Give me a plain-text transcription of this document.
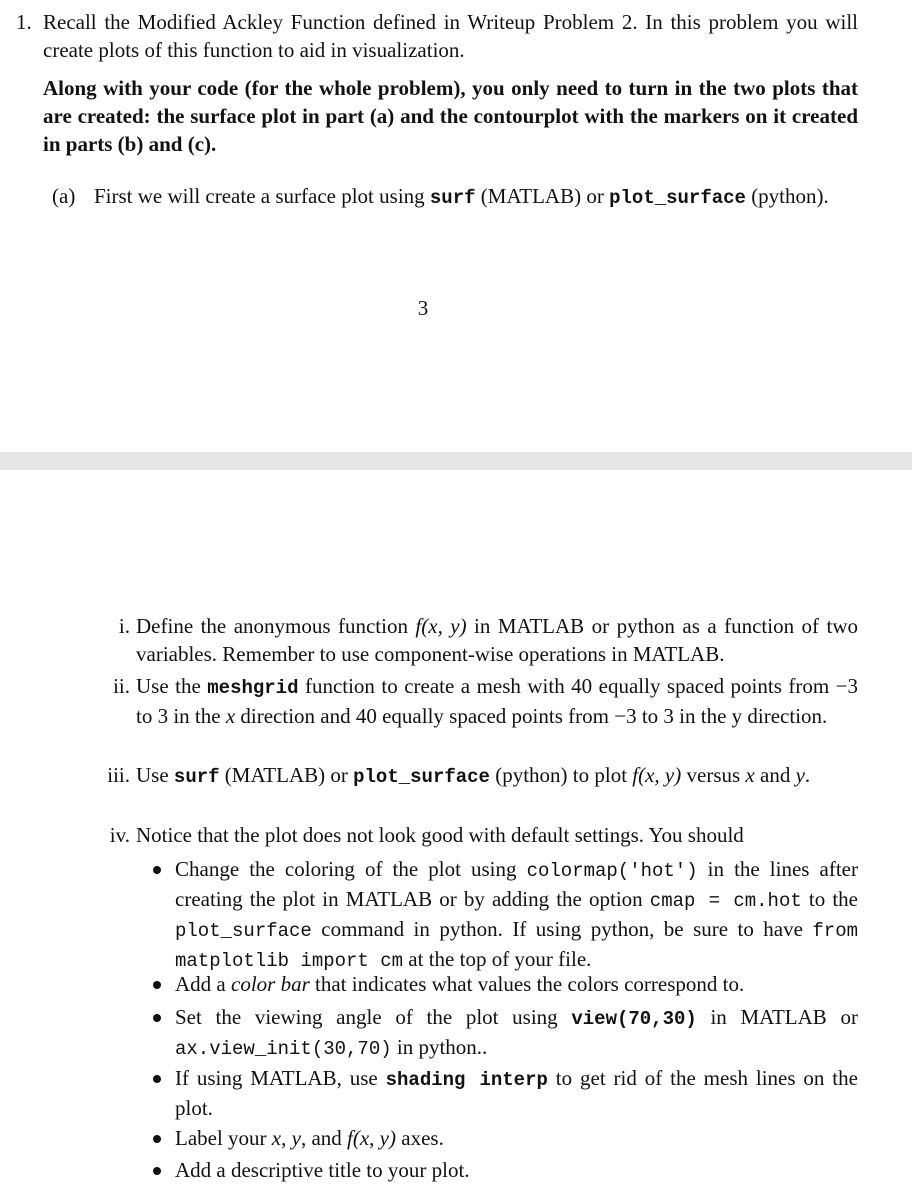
1. Recall the Modified Ackley Function defined in Writeup Problem 2. In this problem you will create plots of this function to aid in visualization.
Along with your code (for the whole problem), you only need to turn in the two plots that are created: the surface plot in part (a) and the contourplot with the markers on it created in parts (b) and (c).
(a) First we will create a surface plot using surf (MATLAB) or plot_surface (python).
3
i. Define the anonymous function f(x, y) in MATLAB or python as a function of two variables. Remember to use component-wise operations in MATLAB.
ii. Use the meshgrid function to create a mesh with 40 equally spaced points from −3 to 3 in the x direction and 40 equally spaced points from −3 to 3 in the y direction.
iii. Use surf (MATLAB) or plot_surface (python) to plot f(x, y) versus x and y.
iv. Notice that the plot does not look good with default settings. You should
Change the coloring of the plot using colormap('hot') in the lines after creating the plot in MATLAB or by adding the option cmap = cm.hot to the plot_surface command in python. If using python, be sure to have from matplotlib import cm at the top of your file.
Add a color bar that indicates what values the colors correspond to.
Set the viewing angle of the plot using view(70,30) in MATLAB or ax.view_init(30,70) in python..
If using MATLAB, use shading interp to get rid of the mesh lines on the plot.
Label your x, y, and f(x, y) axes.
Add a descriptive title to your plot.
